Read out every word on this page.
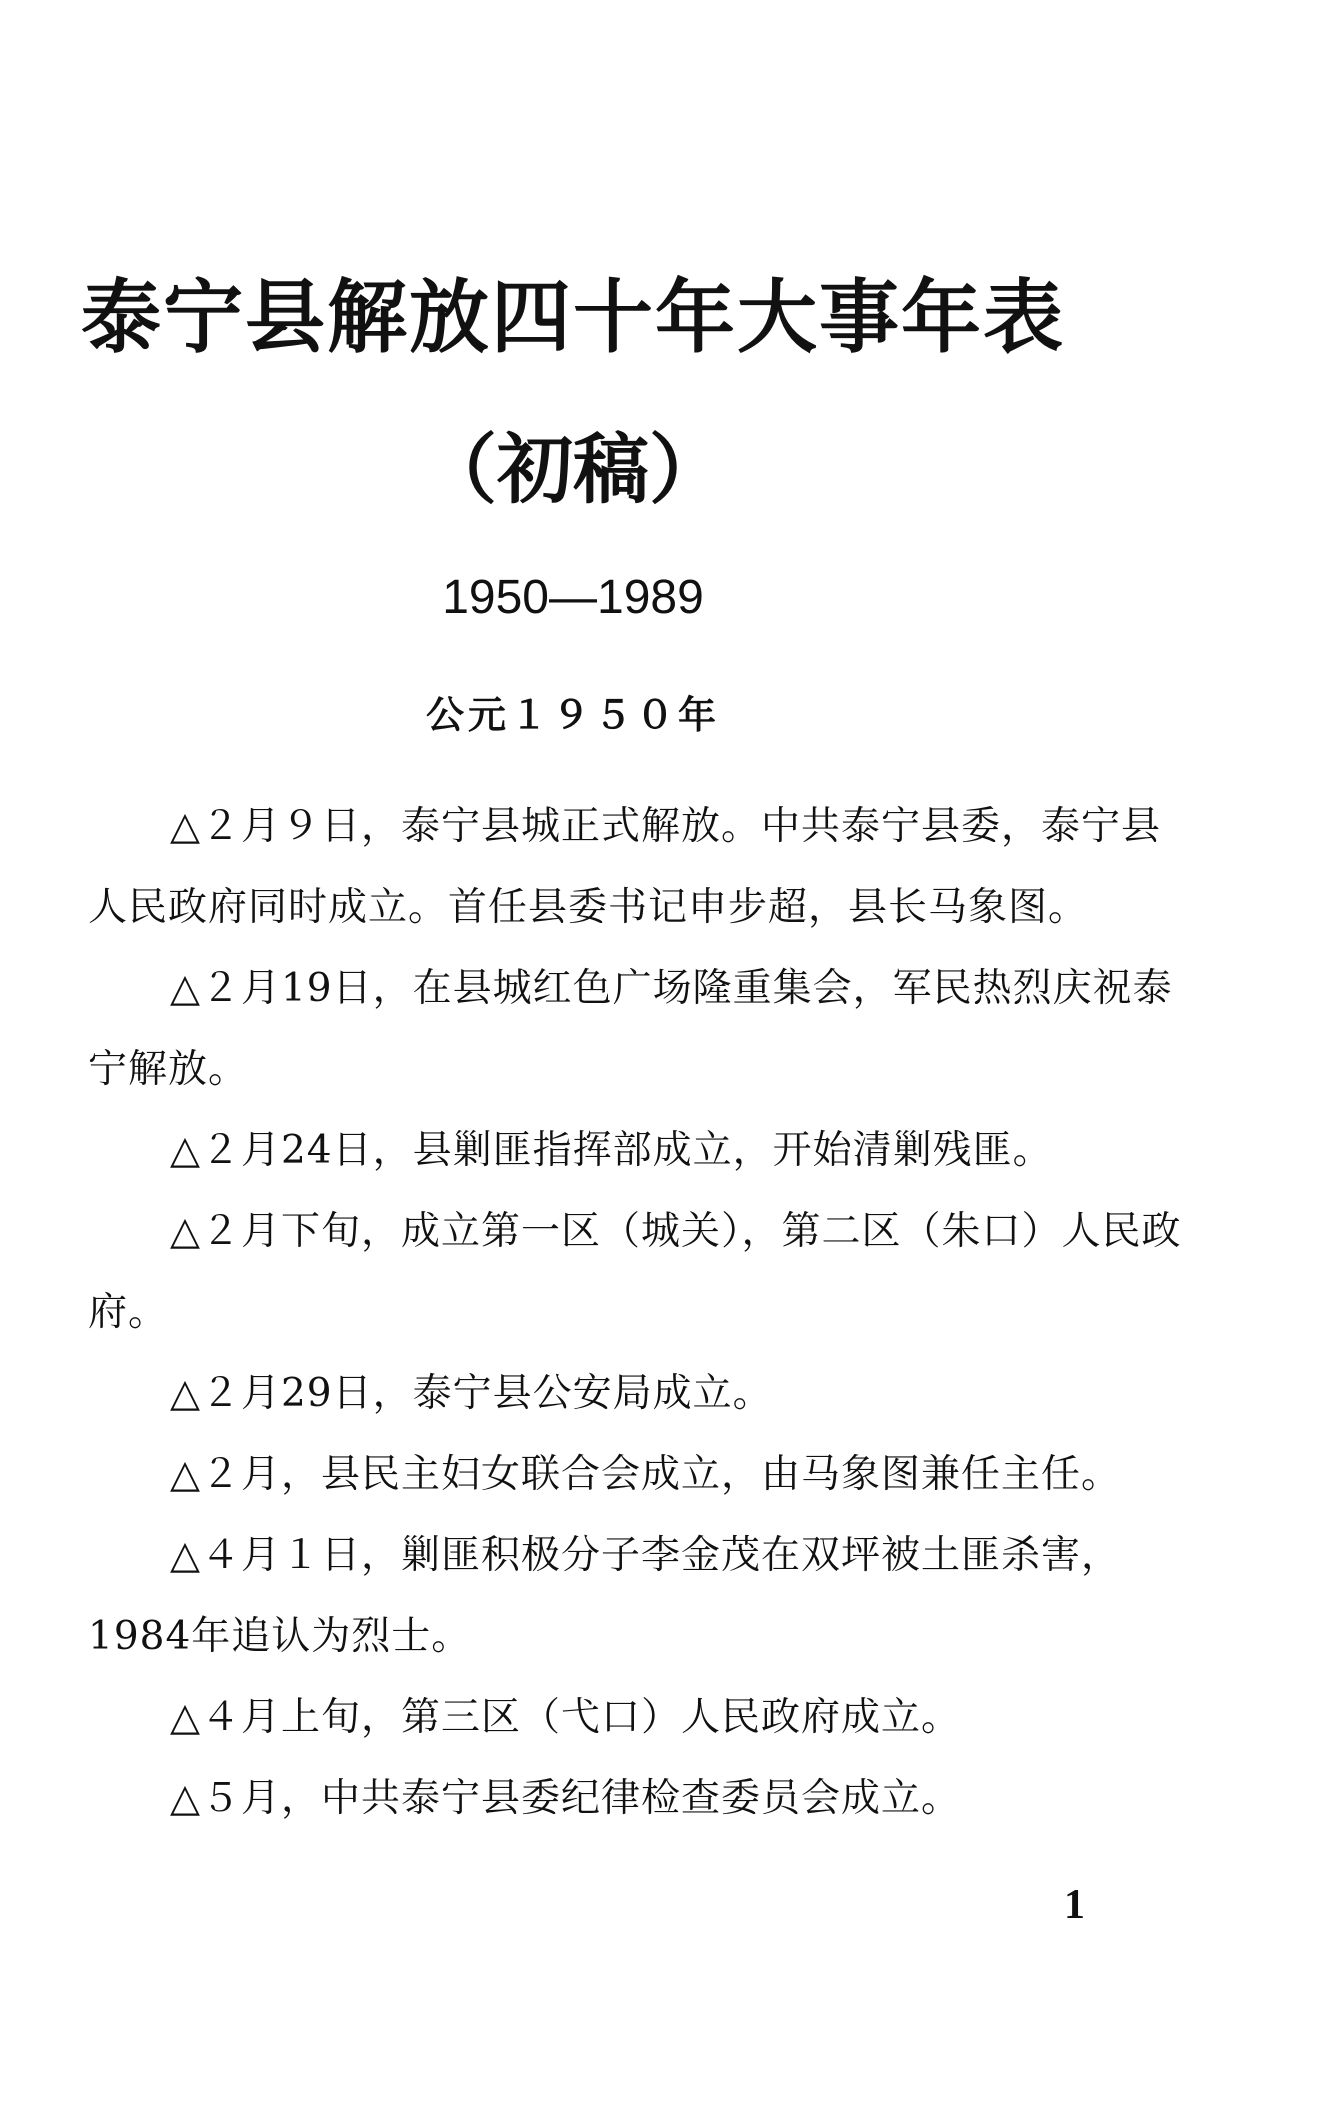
泰宁县解放四十年大事年表
（初稿）
1950—1989
公元１９５０年

△２月９日，泰宁县城正式解放。中共泰宁县委，泰宁县人民政府同时成立。首任县委书记申步超，县长马象图。

△２月19日，在县城红色广场隆重集会，军民热烈庆祝泰宁解放。

△２月24日，县剿匪指挥部成立，开始清剿残匪。

△２月下旬，成立第一区（城关），第二区（朱口）人民政府。

△２月29日，泰宁县公安局成立。

△２月，县民主妇女联合会成立，由马象图兼任主任。

△４月１日，剿匪积极分子李金茂在双坪被土匪杀害，1984年追认为烈士。

△４月上旬，第三区（弋口）人民政府成立。

△５月，中共泰宁县委纪律检查委员会成立。

1
